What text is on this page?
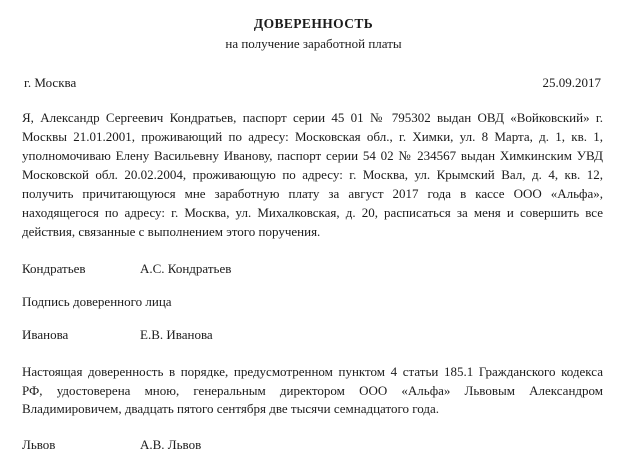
ДОВЕРЕННОСТЬ
на получение заработной платы
г. Москва	25.09.2017

Я, Александр Сергеевич Кондратьев, паспорт серии 45 01 № 795302 выдан ОВД «Войковский» г. Москвы 21.01.2001, проживающий по адресу: Московская обл., г. Химки, ул. 8 Марта, д. 1, кв. 1, уполномочиваю Елену Васильевну Иванову, паспорт серии 54 02 № 234567 выдан Химкинским УВД Московской обл. 20.02.2004, проживающую по адресу: г. Москва, ул. Крымский Вал, д. 4, кв. 12, получить причитающуюся мне заработную плату за август 2017 года в кассе ООО «Альфа», находящегося по адресу: г. Москва, ул. Михалковская, д. 20, расписаться за меня и совершить все действия, связанные с выполнением этого поручения.

Кондратьев	А.С. Кондратьев
Подпись доверенного лица
Иванова	Е.В. Иванова

Настоящая доверенность в порядке, предусмотренном пунктом 4 статьи 185.1 Гражданского кодекса РФ, удостоверена мною, генеральным директором ООО «Альфа» Львовым Александром Владимировичем, двадцать пятого сентября две тысячи семнадцатого года.

Львов	А.В. Львов
